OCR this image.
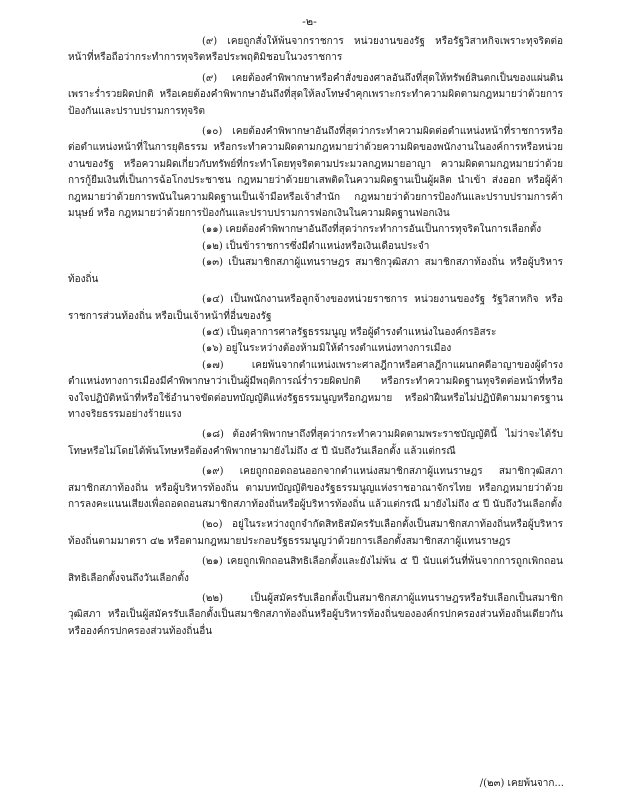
-๒-

(๙) เคยถูกสั่งให้พ้นจากราชการ หน่วยงานของรัฐ หรือรัฐวิสาหกิจเพราะทุจริตต่อหน้าที่หรือถือว่ากระทำการทุจริตหรือประพฤติมิชอบในวงราชการ

(๙) เคยต้องคำพิพากษาหรือคำสั่งของศาลอันถึงที่สุดให้ทรัพย์สินตกเป็นของแผ่นดินเพราะร่ำรวยผิดปกติ หรือเคยต้องคำพิพากษาอันถึงที่สุดให้ลงโทษจำคุกเพราะกระทำความผิดตามกฎหมายว่าด้วยการป้องกันและปราบปรามการทุจริต

(๑๐) เคยต้องคำพิพากษาอันถึงที่สุดว่ากระทำความผิดต่อตำแหน่งหน้าที่ราชการหรือต่อตำแหน่งหน้าที่ในการยุติธรรม หรือกระทำความผิดตามกฎหมายว่าด้วยความผิดของพนักงานในองค์การหรือหน่วยงานของรัฐ หรือความผิดเกี่ยวกับทรัพย์ที่กระทำโดยทุจริตตามประมวลกฎหมายอาญา ความผิดตามกฎหมายว่าด้วยการกู้ยืมเงินที่เป็นการฉ้อโกงประชาชน กฎหมายว่าด้วยยาเสพติดในความผิดฐานเป็นผู้ผลิต นำเข้า ส่งออก หรือผู้ค้า กฎหมายว่าด้วยการพนันในความผิดฐานเป็นเจ้ามือหรือเจ้าสำนัก กฎหมายว่าด้วยการป้องกันและปราบปรามการค้ามนุษย์ หรือ กฎหมายว่าด้วยการป้องกันและปราบปรามการฟอกเงินในความผิดฐานฟอกเงิน

(๑๑) เคยต้องคำพิพากษาอันถึงที่สุดว่ากระทำการอันเป็นการทุจริตในการเลือกตั้ง

(๑๒) เป็นข้าราชการซึ่งมีตำแหน่งหรือเงินเดือนประจำ

(๑๓) เป็นสมาชิกสภาผู้แทนราษฎร สมาชิกวุฒิสภา สมาชิกสภาท้องถิ่น หรือผู้บริหารท้องถิ่น

(๑๔) เป็นพนักงานหรือลูกจ้างของหน่วยราชการ หน่วยงานของรัฐ รัฐวิสาหกิจ หรือราชการส่วนท้องถิ่น หรือเป็นเจ้าหน้าที่อื่นของรัฐ

(๑๕) เป็นตุลาการศาลรัฐธรรมนูญ หรือผู้ดำรงตำแหน่งในองค์กรอิสระ

(๑๖) อยู่ในระหว่างต้องห้ามมิให้ดำรงตำแหน่งทางการเมือง

(๑๗) เคยพ้นจากตำแหน่งเพราะศาลฎีกาหรือศาลฎีกาแผนกคดีอาญาของผู้ดำรงตำแหน่งทางการเมืองมีคำพิพากษาว่าเป็นผู้มีพฤติการณ์ร่ำรวยผิดปกติ หรือกระทำความผิดฐานทุจริตต่อหน้าที่หรือจงใจปฏิบัติหน้าที่หรือใช้อำนาจขัดต่อบทบัญญัติแห่งรัฐธรรมนูญหรือกฎหมาย หรือฝ่าฝืนหรือไม่ปฏิบัติตามมาตรฐานทางจริยธรรมอย่างร้ายแรง

(๑๘) ต้องคำพิพากษาถึงที่สุดว่ากระทำความผิดตามพระราชบัญญัตินี้ ไม่ว่าจะได้รับโทษหรือไม่โดยได้พ้นโทษหรือต้องคำพิพากษามายังไม่ถึง ๕ ปี นับถึงวันเลือกตั้ง แล้วแต่กรณี

(๑๙) เคยถูกถอดถอนออกจากตำแหน่งสมาชิกสภาผู้แทนราษฎร สมาชิกวุฒิสภา สมาชิกสภาท้องถิ่น หรือผู้บริหารท้องถิ่น ตามบทบัญญัติของรัฐธรรมนูญแห่งราชอาณาจักรไทย หรือกฎหมายว่าด้วยการลงคะแนนเสียงเพื่อถอดถอนสมาชิกสภาท้องถิ่นหรือผู้บริหารท้องถิ่น แล้วแต่กรณี มายังไม่ถึง ๕ ปี นับถึงวันเลือกตั้ง

(๒๐) อยู่ในระหว่างถูกจำกัดสิทธิสมัครรับเลือกตั้งเป็นสมาชิกสภาท้องถิ่นหรือผู้บริหารท้องถิ่นตามมาตรา ๔๒ หรือตามกฎหมายประกอบรัฐธรรมนูญว่าด้วยการเลือกตั้งสมาชิกสภาผู้แทนราษฎร

(๒๑) เคยถูกเพิกถอนสิทธิเลือกตั้งและยังไม่พ้น ๕ ปี นับแต่วันที่พ้นจากการถูกเพิกถอนสิทธิเลือกตั้งจนถึงวันเลือกตั้ง

(๒๒) เป็นผู้สมัครรับเลือกตั้งเป็นสมาชิกสภาผู้แทนราษฎรหรือรับเลือกเป็นสมาชิกวุฒิสภา หรือเป็นผู้สมัครรับเลือกตั้งเป็นสมาชิกสภาท้องถิ่นหรือผู้บริหารท้องถิ่นขององค์กรปกครองส่วนท้องถิ่นเดียวกันหรือองค์กรปกครองส่วนท้องถิ่นอื่น

/(๒๓) เคยพ้นจาก...
